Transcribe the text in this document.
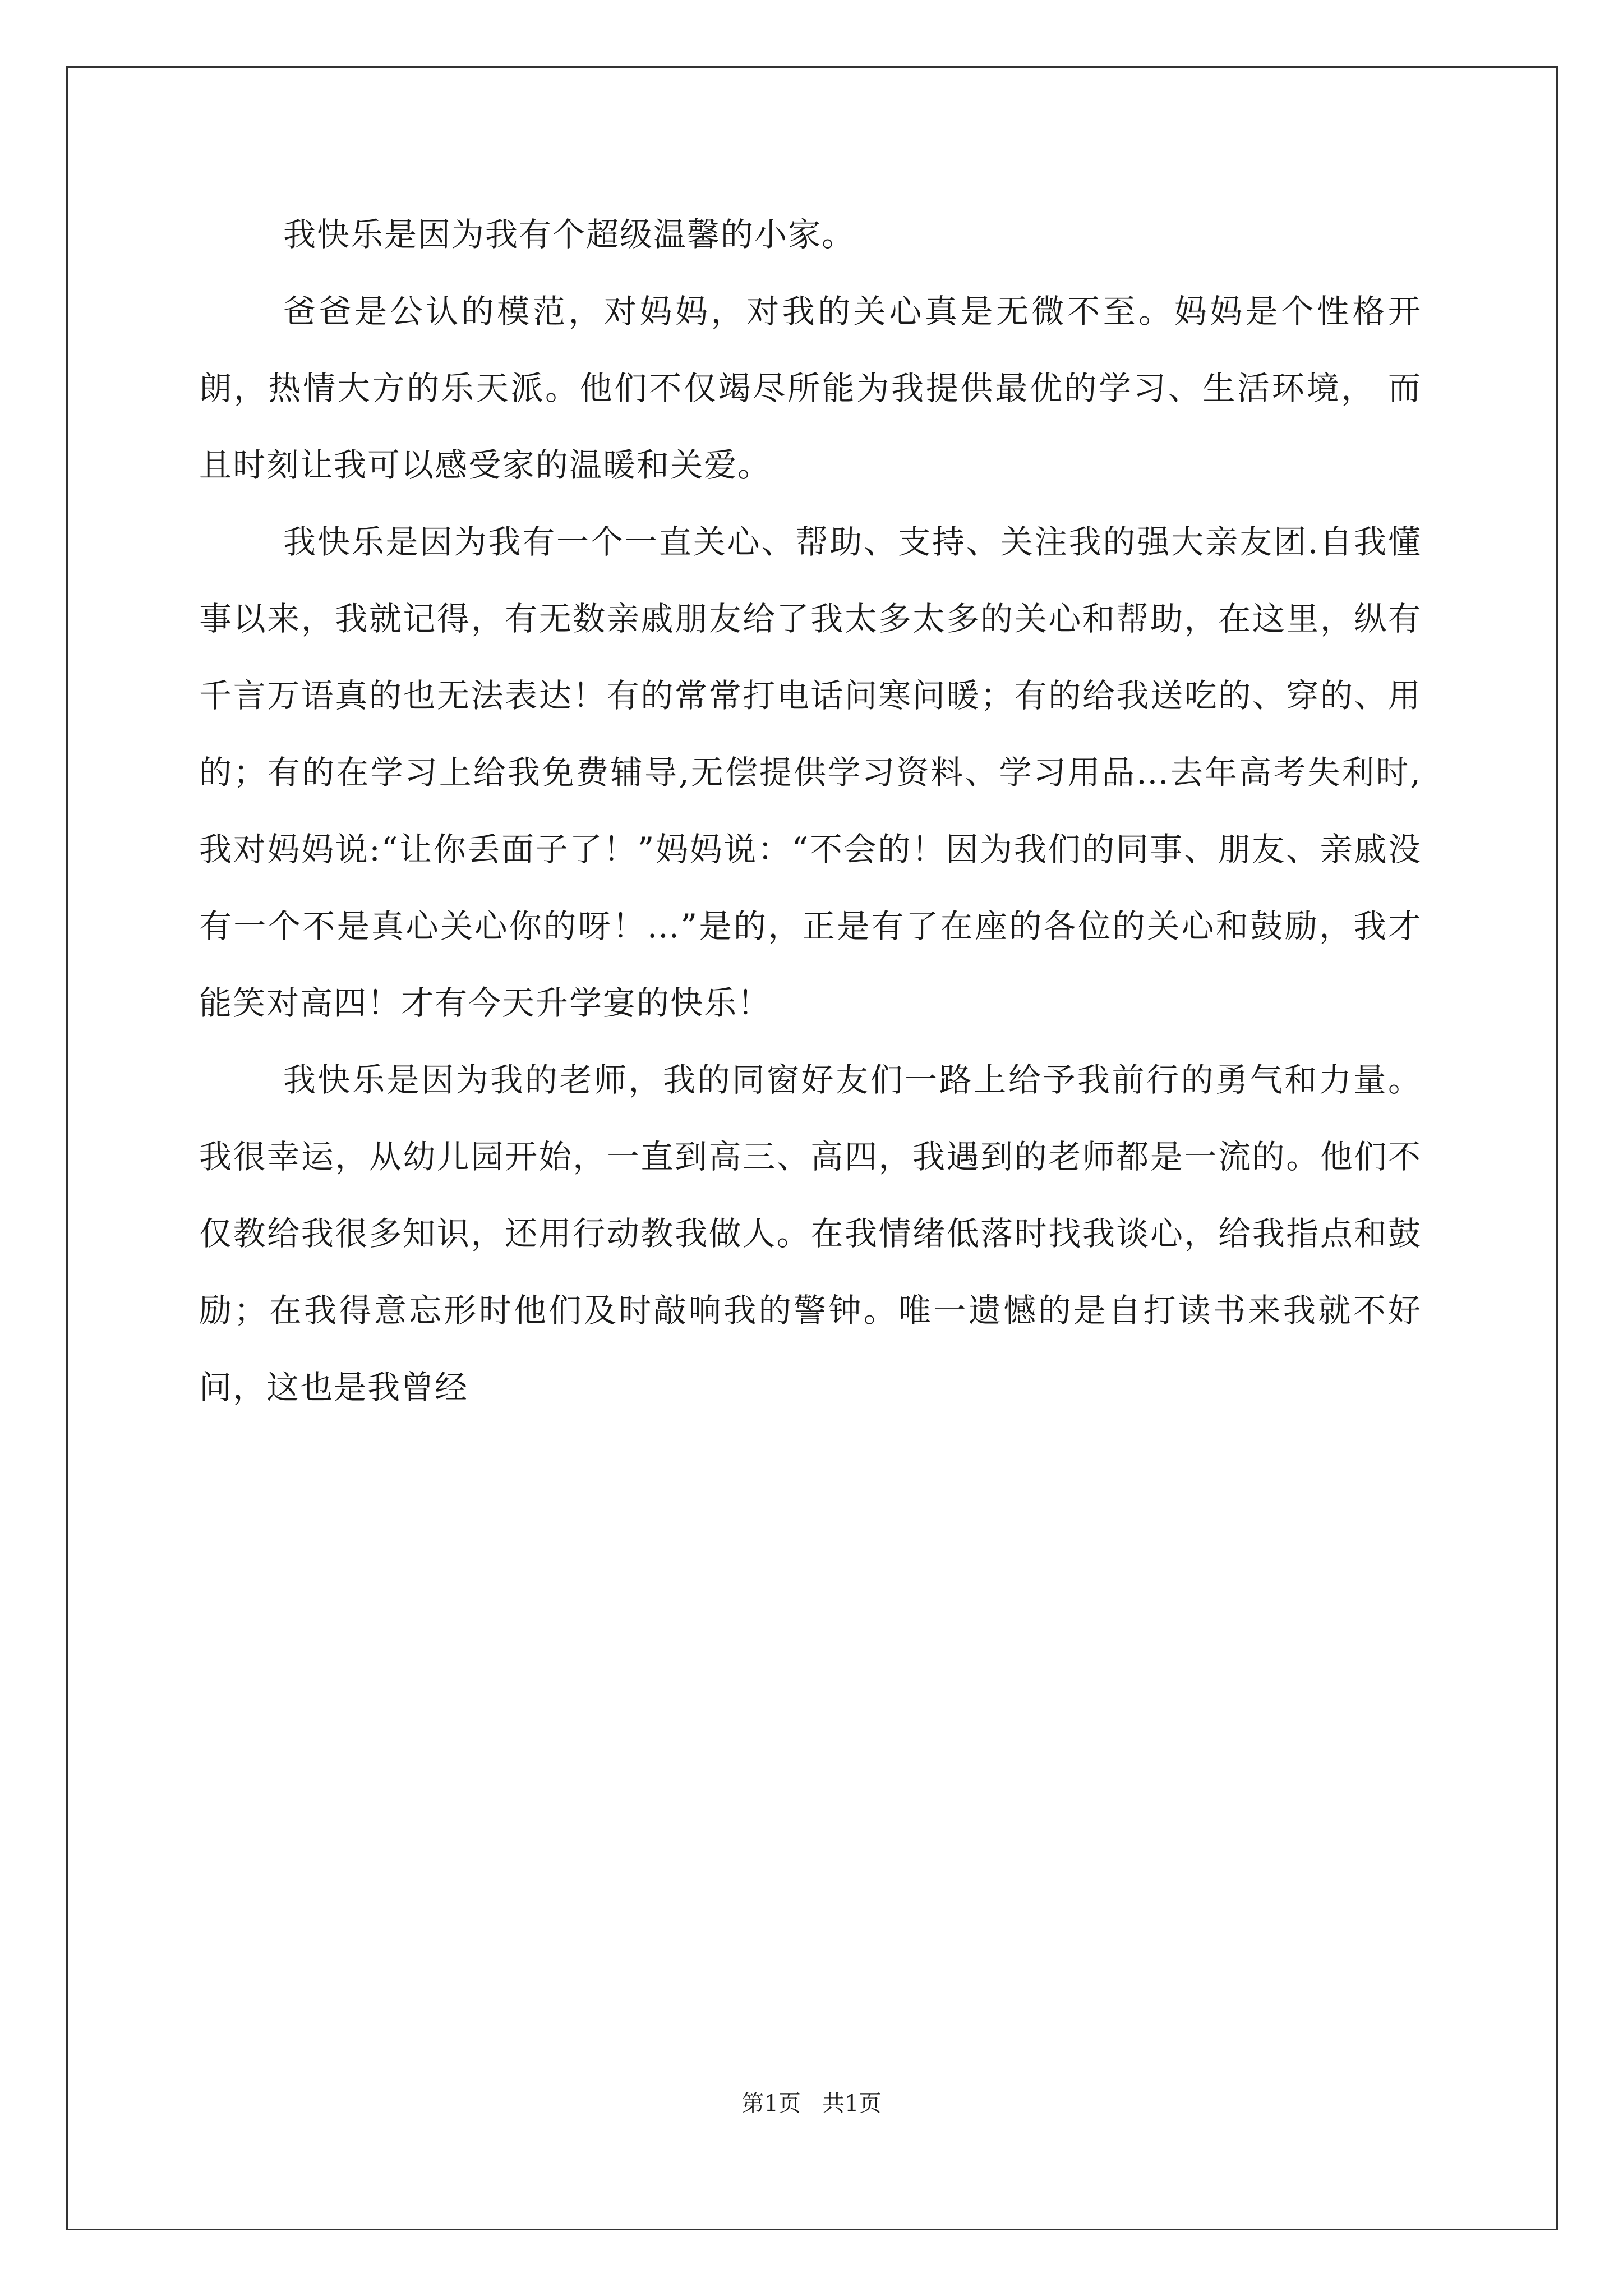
我快乐是因为我有个超级温馨的小家。

爸爸是公认的模范，对妈妈，对我的关心真是无微不至。妈妈是个性格开朗，热情大方的乐天派。他们不仅竭尽所能为我提供最优的学习、生活环境， 而且时刻让我可以感受家的温暖和关爱。

我快乐是因为我有一个一直关心、帮助、支持、关注我的强大亲友团.自我懂事以来，我就记得，有无数亲戚朋友给了我太多太多的关心和帮助，在这里，纵有千言万语真的也无法表达！有的常常打电话问寒问暖；有的给我送吃的、穿的、用的；有的在学习上给我免费辅导,无偿提供学习资料、学习用品…去年高考失利时,我对妈妈说:“让你丢面子了！”妈妈说：“不会的！因为我们的同事、朋友、亲戚没有一个不是真心关心你的呀！…”是的，正是有了在座的各位的关心和鼓励，我才能笑对高四！才有今天升学宴的快乐！

我快乐是因为我的老师，我的同窗好友们一路上给予我前行的勇气和力量。我很幸运，从幼儿园开始，一直到高三、高四，我遇到的老师都是一流的。他们不仅教给我很多知识，还用行动教我做人。在我情绪低落时找我谈心，给我指点和鼓励；在我得意忘形时他们及时敲响我的警钟。唯一遗憾的是自打读书来我就不好问，这也是我曾经

第1页   共1页
